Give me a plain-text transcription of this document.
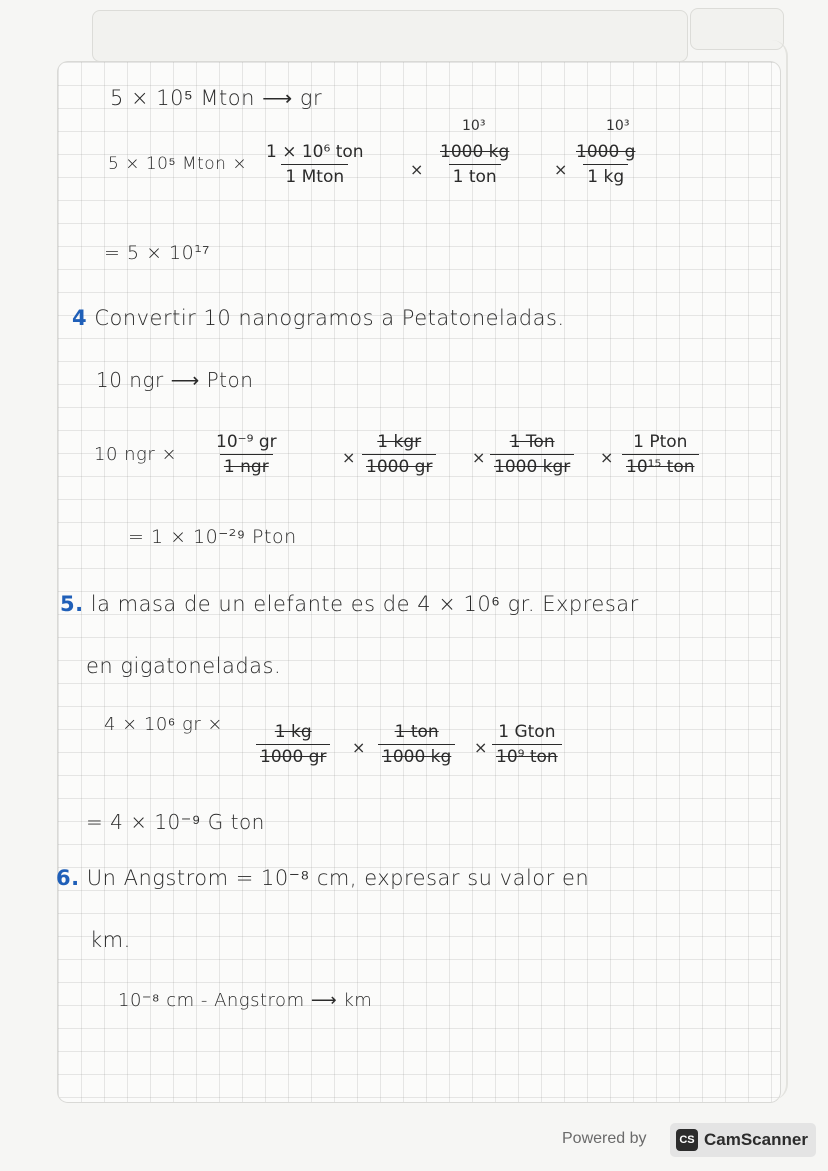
5 × 10⁵ Mton ⟶ gr
5 × 10⁵ Mton ×
1 × 10⁶ ton
1 Mton	×
10³
1000 kg
1 ton	×
10³
$\frac{1000 g}{1 kg}$
= 5 × 10¹⁷
4 Convertir 10 nanogramos a Petatoneladas.
10 ngr ⟶ Pton
10 ngr ×
10⁻⁹ gr
1 ngr	×
1 kgr
1000 gr ×
1 Ton
1000 kgr ×
1 Pton
10¹⁵ ton
= 1 × 10⁻²⁹ Pton
5. la masa de un elefante es de 4 × 10⁶ gr. Expresar
en gigatoneladas.
4 × 10⁶ gr × $\frac{1 kg}{1000 gr}$ ×
1 ton
1000 kg ×
1 Gton
10⁹ ton
= 4 × 10⁻⁹ G ton
6. Un Angstrom = 10⁻⁸ cm, expresar su valor en
km.
10⁻⁸ cm - Angstrom ⟶ km
Powered by	CS CamScanner
